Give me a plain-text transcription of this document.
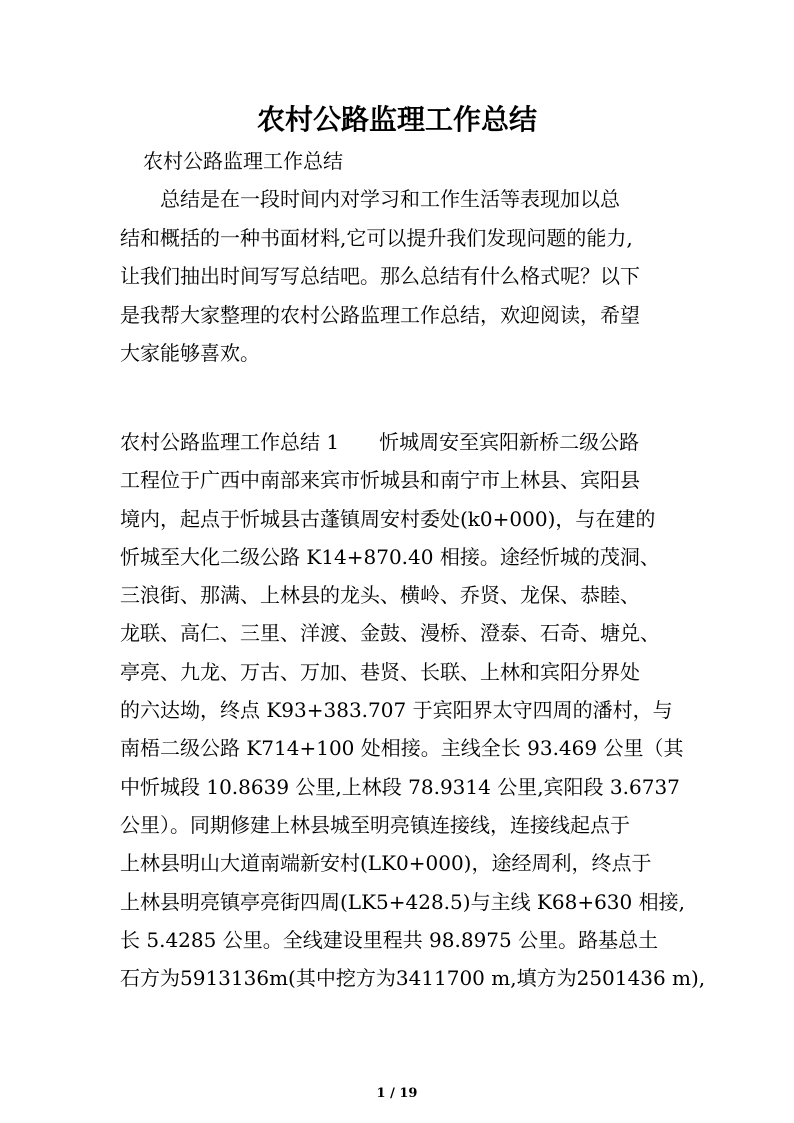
农村公路监理工作总结

农村公路监理工作总结

　　总结是在一段时间内对学习和工作生活等表现加以总
结和概括的一种书面材料,它可以提升我们发现问题的能力,
让我们抽出时间写写总结吧。那么总结有什么格式呢？以下
是我帮大家整理的农村公路监理工作总结，欢迎阅读，希望
大家能够喜欢。
农村公路监理工作总结 1　　忻城周安至宾阳新桥二级公路
工程位于广西中南部来宾市忻城县和南宁市上林县、宾阳县
境内，起点于忻城县古蓬镇周安村委处(k0+000)，与在建的
忻城至大化二级公路 K14+870.40 相接。途经忻城的茂洞、
三浪街、那满、上林县的龙头、横岭、乔贤、龙保、恭睦、
龙联、高仁、三里、洋渡、金鼓、漫桥、澄泰、石奇、塘兑、
亭亮、九龙、万古、万加、巷贤、长联、上林和宾阳分界处
的六达坳，终点 K93+383.707 于宾阳界太守四周的潘村，与
南梧二级公路 K714+100 处相接。主线全长 93.469 公里（其
中忻城段 10.8639 公里,上林段 78.9314 公里,宾阳段 3.6737
公里）。同期修建上林县城至明亮镇连接线，连接线起点于
上林县明山大道南端新安村(LK0+000)，途经周利，终点于
上林县明亮镇亭亮街四周(LK5+428.5)与主线 K68+630 相接,
长 5.4285 公里。全线建设里程共 98.8975 公里。路基总土
石方为5913136m(其中挖方为3411700 m,填方为2501436 m),
1 / 19
